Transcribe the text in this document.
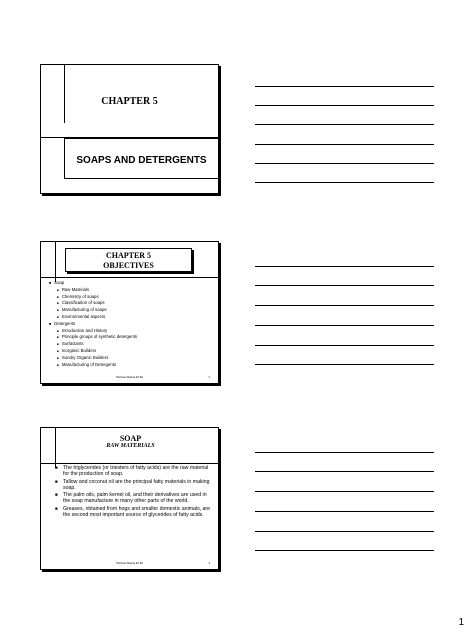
CHAPTER 5
SOAPS AND DETERGENTS
CHAPTER 5
OBJECTIVES
■ Soap
■ Raw Materials
■ Chemistry of soaps
■ Classification of soaps
■ Manufacturing of soaps
■ Environmental aspects
■ Detergents
■ Introduction and History
■ Principle groups of synthetic detergents
■ Surfactants
■ Inorganic Builders
■ Sundry Organic Builders
■ Manufacturing of Detergents
P.Hristov Marina ET-99	2
SOAP
RAW MATERIALS
■ The triglycerides (or triesters of fatty acids) are the raw material for the production of soap.
■ Tallow and coconut oil are the principal fatty materials in making soap.
■ The palm oils, palm kernel oil, and their derivatives are used in the soap manufacture in many other parts of the world.
■ Greases, obtained from hogs and smaller domestic animals, are the second most important source of glycerides of fatty acids.
P.Hristov Marina ET-99	3
1
